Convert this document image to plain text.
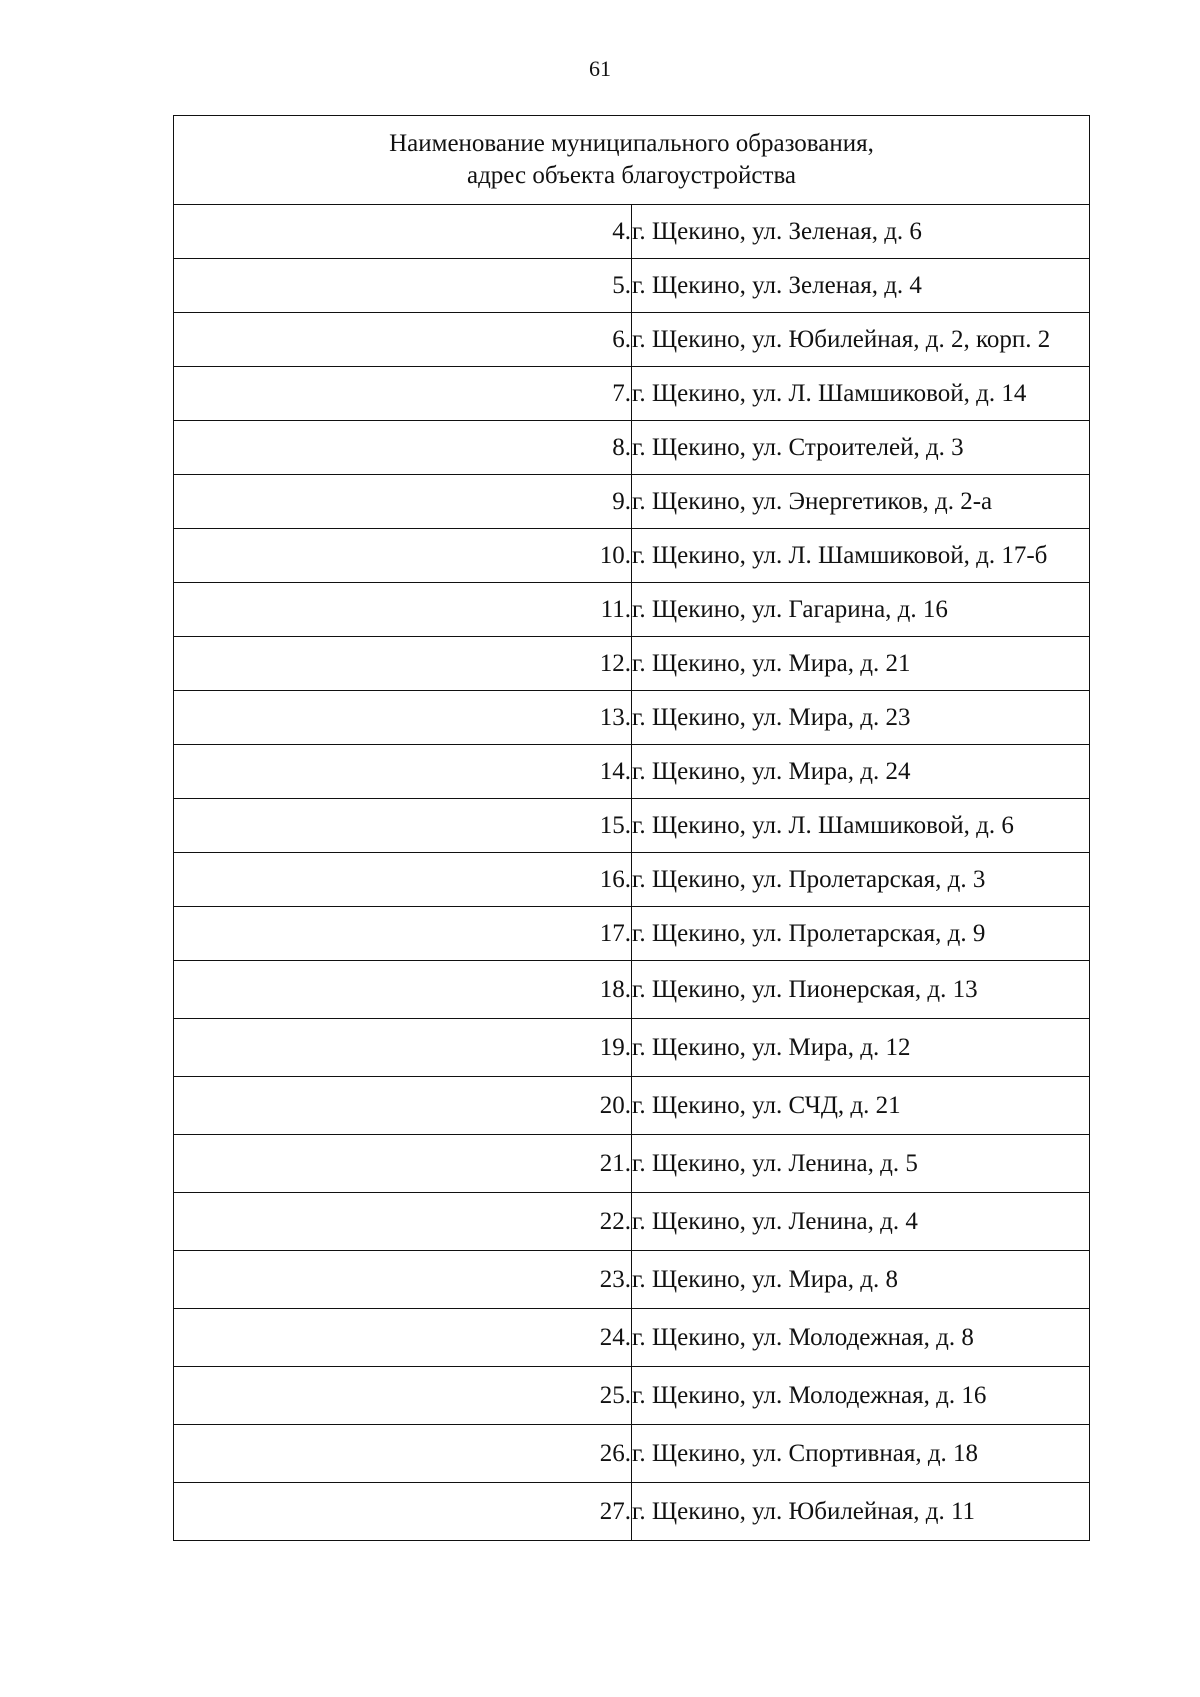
61
Наименование муниципального образования,
адрес объекта благоустройства	

4.	г. Щекино, ул. Зеленая, д. 6
5.	г. Щекино, ул. Зеленая, д. 4
6.	г. Щекино, ул. Юбилейная, д. 2, корп. 2
7.	г. Щекино, ул. Л. Шамшиковой, д. 14
8.	г. Щекино, ул. Строителей, д. 3
9.	г. Щекино, ул. Энергетиков, д. 2-а
10.	г. Щекино, ул. Л. Шамшиковой, д. 17-б
11.	г. Щекино, ул. Гагарина, д. 16
12.	г. Щекино, ул. Мира, д. 21
13.	г. Щекино, ул. Мира, д. 23
14.	г. Щекино, ул. Мира, д. 24
15.	г. Щекино, ул. Л. Шамшиковой, д. 6
16.	г. Щекино, ул. Пролетарская, д. 3
17.	г. Щекино, ул. Пролетарская, д. 9
18.	г. Щекино, ул. Пионерская, д. 13
19.	г. Щекино, ул. Мира, д. 12
20.	г. Щекино, ул. СЧД, д. 21
21.	г. Щекино, ул. Ленина, д. 5
22.	г. Щекино, ул. Ленина, д. 4
23.	г. Щекино, ул. Мира, д. 8
24.	г. Щекино, ул. Молодежная, д. 8
25.	г. Щекино, ул. Молодежная, д. 16
26.	г. Щекино, ул. Спортивная, д. 18
27.	г. Щекино, ул. Юбилейная, д. 11
